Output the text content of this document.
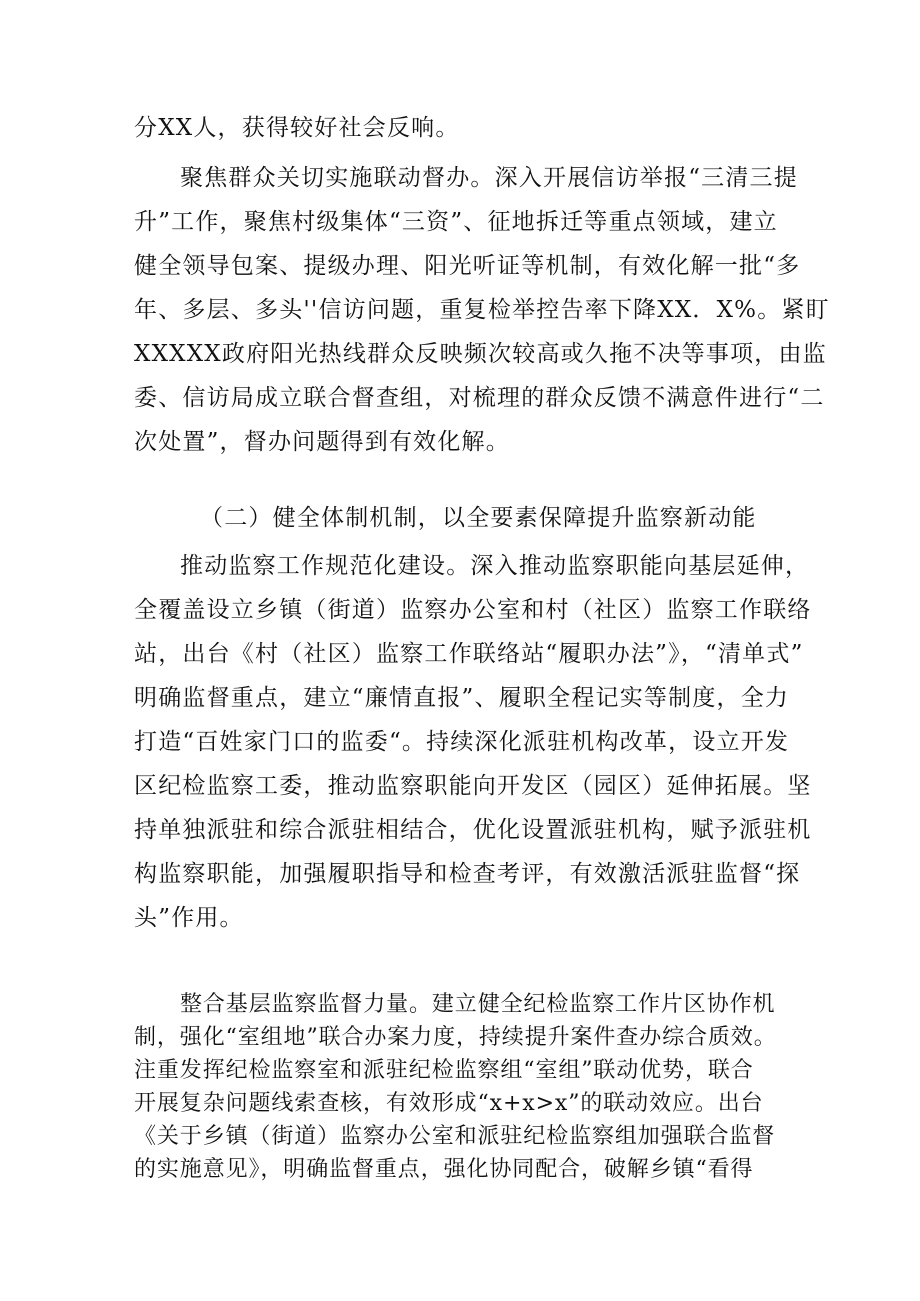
分XX人，获得较好社会反响。
聚焦群众关切实施联动督办。深入开展信访举报“三清三提
升”工作，聚焦村级集体“三资”、征地拆迁等重点领域，建立
健全领导包案、提级办理、阳光听证等机制，有效化解一批“多
年、多层、多头''信访问题，重复检举控告率下降XX．X%。紧盯
XXXXX政府阳光热线群众反映频次较高或久拖不决等事项，由监
委、信访局成立联合督查组，对梳理的群众反馈不满意件进行“二
次处置”，督办问题得到有效化解。
（二）健全体制机制，以全要素保障提升监察新动能
推动监察工作规范化建设。深入推动监察职能向基层延伸，
全覆盖设立乡镇（街道）监察办公室和村（社区）监察工作联络
站，出台《村（社区）监察工作联络站“履职办法”》，“清单式”
明确监督重点，建立“廉情直报”、履职全程记实等制度，全力
打造“百姓家门口的监委“。持续深化派驻机构改革，设立开发
区纪检监察工委，推动监察职能向开发区（园区）延伸拓展。坚
持单独派驻和综合派驻相结合，优化设置派驻机构，赋予派驻机
构监察职能，加强履职指导和检查考评，有效激活派驻监督“探
头”作用。
整合基层监察监督力量。建立健全纪检监察工作片区协作机
制，强化“室组地”联合办案力度，持续提升案件查办综合质效。
注重发挥纪检监察室和派驻纪检监察组“室组”联动优势，联合
开展复杂问题线索查核，有效形成“x+x>x”的联动效应。出台
《关于乡镇（街道）监察办公室和派驻纪检监察组加强联合监督
的实施意见》，明确监督重点，强化协同配合，破解乡镇“看得
